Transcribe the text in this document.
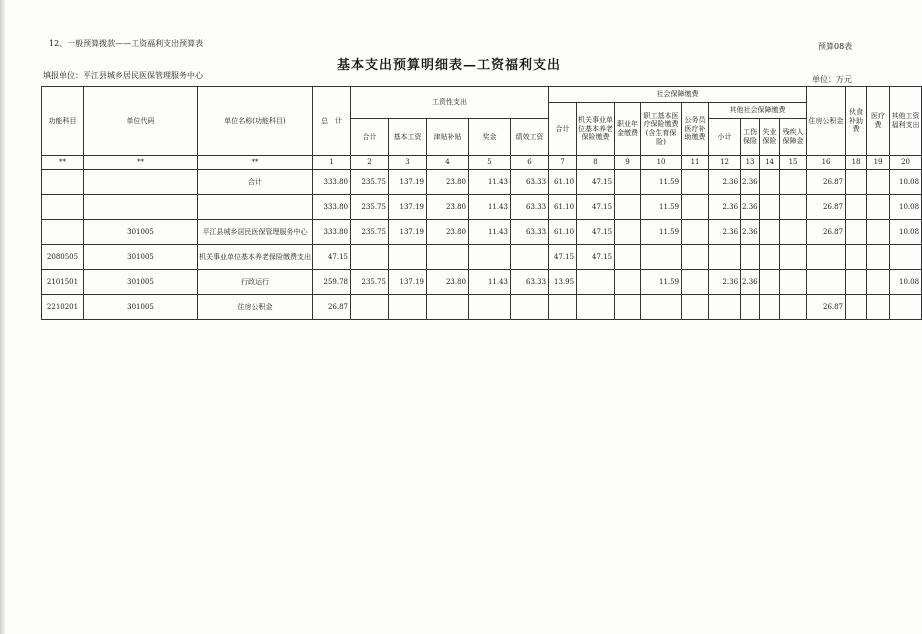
12、一般预算拨款——工资福利支出预算表	预算08表
基本支出预算明细表—工资福利支出
填报单位：平江县城乡居民医保管理服务中心	单位：万元
功能科目	单位代码	单位名称(功能科目)	总　计	工资性支出					社会保障缴费									住房公积金	伙食补助费	医疗费	其他工资福利支出
									合计	机关事业单位基本养老保险缴费	职业年金缴费	职工基本医疗保险缴费(含生育保险)	公务员医疗补助缴费	其他社会保障缴费							
				合计	基本工资	津贴补贴	奖金	绩效工资						小计	工伤保险	失业保险	残疾人保障金				
**	**	**	1	2	3	4	5	6	7	8	9	10	11	12	13	14	15	16	18	19	20
		合计	333.80	235.75	137.19	23.80	11.43	63.33	61.10	47.15		11.59		2.36	2.36			26.87			10.08
			333.80	235.75	137.19	23.80	11.43	63.33	61.10	47.15		11.59		2.36	2.36			26.87			10.08
	301005	平江县城乡居民医保管理服务中心	333.80	235.75	137.19	23.80	11.43	63.33	61.10	47.15		11.59		2.36	2.36			26.87			10.08
2080505	301005	机关事业单位基本养老保险缴费支出	47.15						47.15	47.15											
2101501	301005	行政运行	259.78	235.75	137.19	23.80	11.43	63.33	13.95			11.59		2.36	2.36						10.08
2210201	301005	住房公积金	26.87															26.87			
